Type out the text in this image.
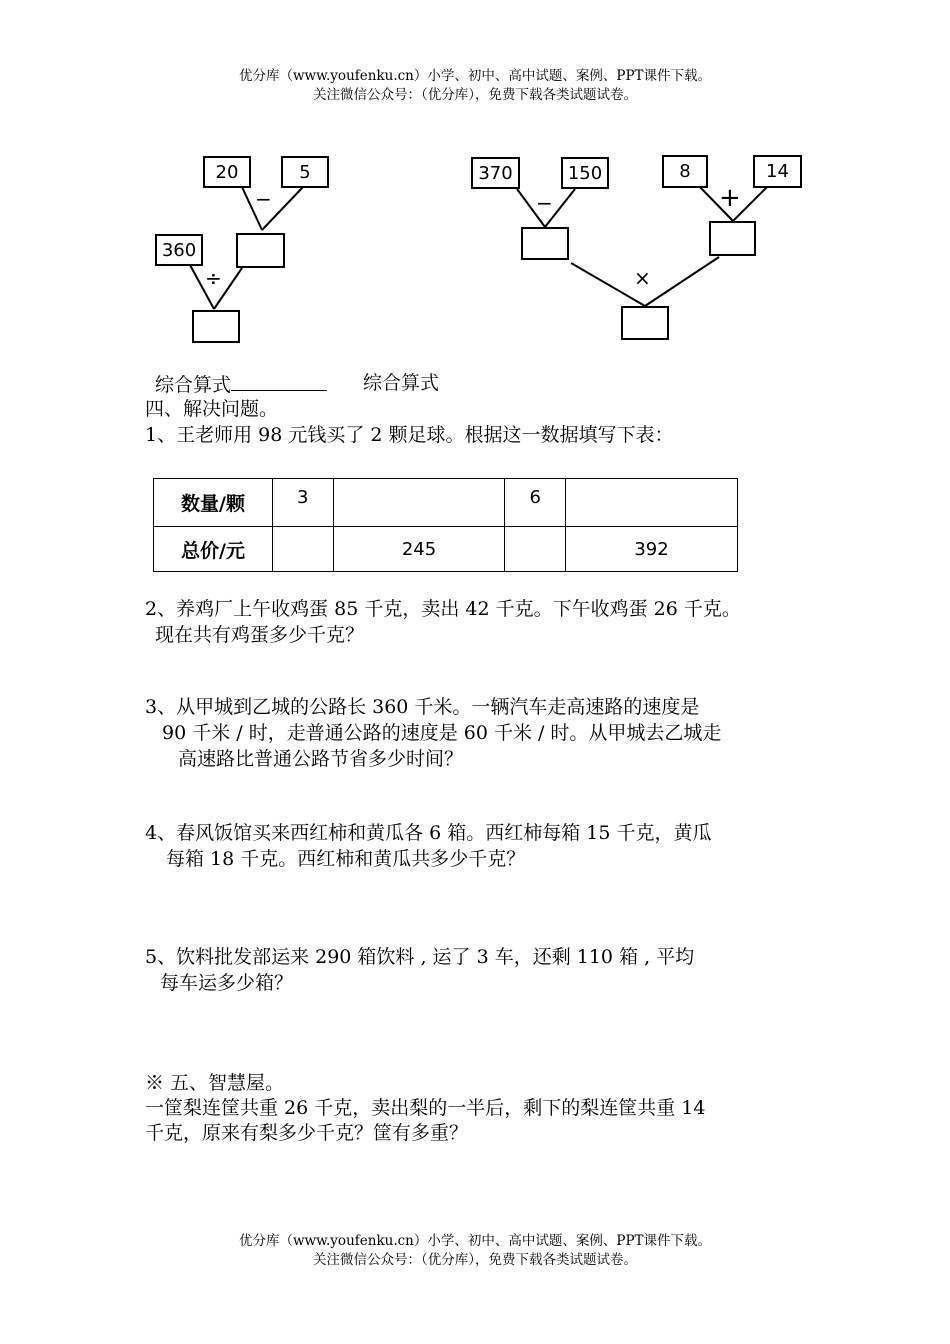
优分库（www.youfenku.cn）小学、初中、高中试题、案例、PPT课件下载。
关注微信公众号：（优分库），免费下载各类试题试卷。
20	5
−
360
÷
370	150
−
8	14
+
×
综合算式	综合算式
四、解决问题。
1、王老师用 98 元钱买了 2 颗足球。根据这一数据填写下表：
数量/颗	3		6	
总价/元		245		392
2、养鸡厂上午收鸡蛋 85 千克，卖出 42 千克。下午收鸡蛋 26 千克。
现在共有鸡蛋多少千克？
3、从甲城到乙城的公路长 360 千米。一辆汽车走高速路的速度是
90 千米 / 时，走普通公路的速度是 60 千米 / 时。从甲城去乙城走
高速路比普通公路节省多少时间？
4、春风饭馆买来西红柿和黄瓜各 6 箱。西红柿每箱 15 千克，黄瓜
每箱 18 千克。西红柿和黄瓜共多少千克？
5、饮料批发部运来 290 箱饮料 , 运了 3 车，还剩 110 箱 , 平均
每车运多少箱？
※ 五、智慧屋。
一筐梨连筐共重 26 千克，卖出梨的一半后，剩下的梨连筐共重 14
千克，原来有梨多少千克？筐有多重？
优分库（www.youfenku.cn）小学、初中、高中试题、案例、PPT课件下载。
关注微信公众号：（优分库），免费下载各类试题试卷。
